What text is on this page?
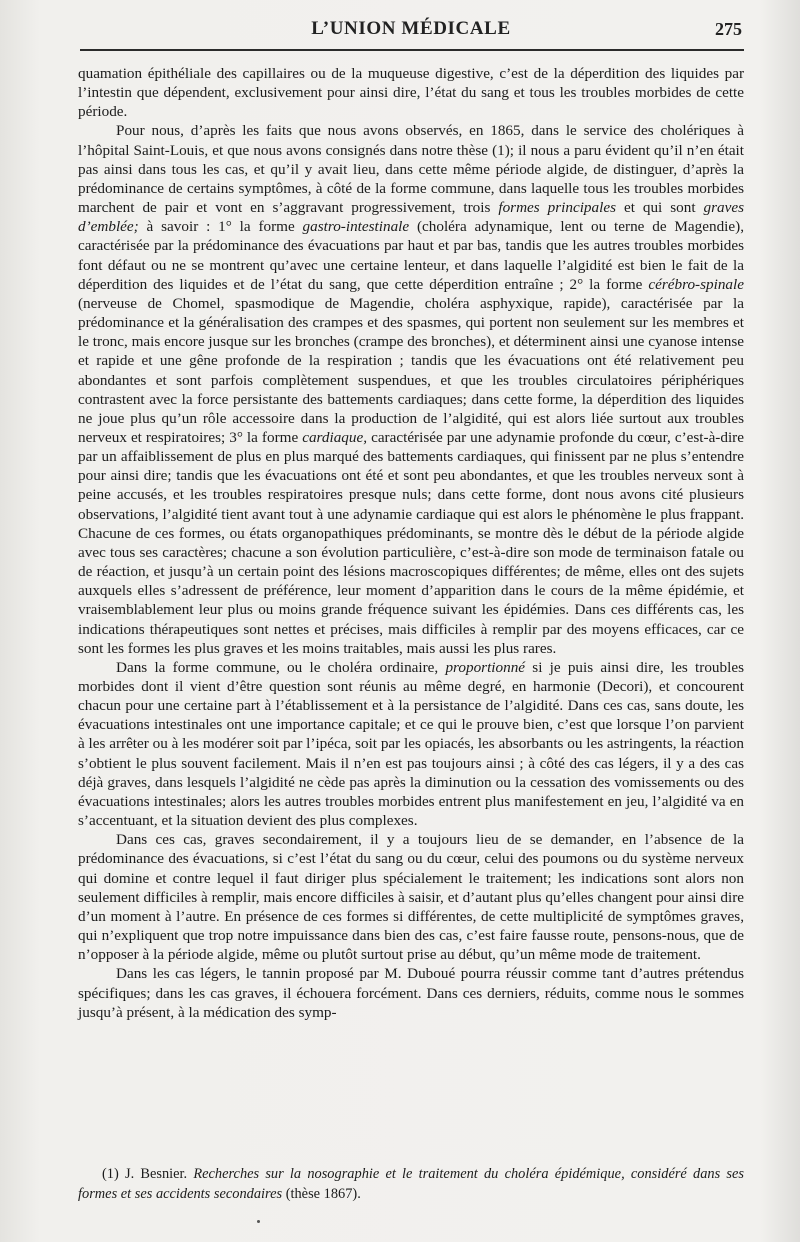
L’UNION MÉDICALE	275

quamation épithéliale des capillaires ou de la muqueuse digestive, c’est de la déperdition des liquides par l’intestin que dépendent, exclusivement pour ainsi dire, l’état du sang et tous les troubles morbides de cette période.

Pour nous, d’après les faits que nous avons observés, en 1865, dans le service des cholériques à l’hôpital Saint-Louis, et que nous avons consignés dans notre thèse (1); il nous a paru évident qu’il n’en était pas ainsi dans tous les cas, et qu’il y avait lieu, dans cette même période algide, de distinguer, d’après la prédominance de certains symptômes, à côté de la forme commune, dans laquelle tous les troubles morbides marchent de pair et vont en s’aggravant progressivement, trois formes principales et qui sont graves d’emblée; à savoir : 1° la forme gastro-intestinale (choléra adynamique, lent ou terne de Magendie), caractérisée par la prédominance des évacuations par haut et par bas, tandis que les autres troubles morbides font défaut ou ne se montrent qu’avec une certaine lenteur, et dans laquelle l’algidité est bien le fait de la déperdition des liquides et de l’état du sang, que cette déperdition entraîne ; 2° la forme cérébro-spinale (nerveuse de Chomel, spasmodique de Magendie, choléra asphyxique, rapide), caractérisée par la prédominance et la généralisation des crampes et des spasmes, qui portent non seulement sur les membres et le tronc, mais encore jusque sur les bronches (crampe des bronches), et déterminent ainsi une cyanose intense et rapide et une gêne profonde de la respiration ; tandis que les évacuations ont été relativement peu abondantes et sont parfois complètement suspendues, et que les troubles circulatoires périphériques contrastent avec la force persistante des battements cardiaques; dans cette forme, la déperdition des liquides ne joue plus qu’un rôle accessoire dans la production de l’algidité, qui est alors liée surtout aux troubles nerveux et respiratoires; 3° la forme cardiaque, caractérisée par une adynamie profonde du cœur, c’est-à-dire par un affaiblissement de plus en plus marqué des battements cardiaques, qui finissent par ne plus s’entendre pour ainsi dire; tandis que les évacuations ont été et sont peu abondantes, et que les troubles nerveux sont à peine accusés, et les troubles respiratoires presque nuls; dans cette forme, dont nous avons cité plusieurs observations, l’algidité tient avant tout à une adynamie cardiaque qui est alors le phénomène le plus frappant. Chacune de ces formes, ou états organopathiques prédominants, se montre dès le début de la période algide avec tous ses caractères; chacune a son évolution particulière, c’est-à-dire son mode de terminaison fatale ou de réaction, et jusqu’à un certain point des lésions macroscopiques différentes; de même, elles ont des sujets auxquels elles s’adressent de préférence, leur moment d’apparition dans le cours de la même épidémie, et vraisemblablement leur plus ou moins grande fréquence suivant les épidémies. Dans ces différents cas, les indications thérapeutiques sont nettes et précises, mais difficiles à remplir par des moyens efficaces, car ce sont les formes les plus graves et les moins traitables, mais aussi les plus rares.

Dans la forme commune, ou le choléra ordinaire, proportionné si je puis ainsi dire, les troubles morbides dont il vient d’être question sont réunis au même degré, en harmonie (Decori), et concourent chacun pour une certaine part à l’établissement et à la persistance de l’algidité. Dans ces cas, sans doute, les évacuations intestinales ont une importance capitale; et ce qui le prouve bien, c’est que lorsque l’on parvient à les arrêter ou à les modérer soit par l’ipéca, soit par les opiacés, les absorbants ou les astringents, la réaction s’obtient le plus souvent facilement. Mais il n’en est pas toujours ainsi ; à côté des cas légers, il y a des cas déjà graves, dans lesquels l’algidité ne cède pas après la diminution ou la cessation des vomissements ou des évacuations intestinales; alors les autres troubles morbides entrent plus manifestement en jeu, l’algidité va en s’accentuant, et la situation devient des plus complexes.

Dans ces cas, graves secondairement, il y a toujours lieu de se demander, en l’absence de la prédominance des évacuations, si c’est l’état du sang ou du cœur, celui des poumons ou du système nerveux qui domine et contre lequel il faut diriger plus spécialement le traitement; les indications sont alors non seulement difficiles à remplir, mais encore difficiles à saisir, et d’autant plus qu’elles changent pour ainsi dire d’un moment à l’autre. En présence de ces formes si différentes, de cette multiplicité de symptômes graves, qui n’expliquent que trop notre impuissance dans bien des cas, c’est faire fausse route, pensons-nous, que de n’opposer à la période algide, même ou plutôt surtout prise au début, qu’un même mode de traitement.

Dans les cas légers, le tannin proposé par M. Duboué pourra réussir comme tant d’autres prétendus spécifiques; dans les cas graves, il échouera forcément. Dans ces derniers, réduits, comme nous le sommes jusqu’à présent, à la médication des symp-

(1) J. Besnier. Recherches sur la nosographie et le traitement du choléra épidémique, considéré dans ses formes et ses accidents secondaires (thèse 1867).
